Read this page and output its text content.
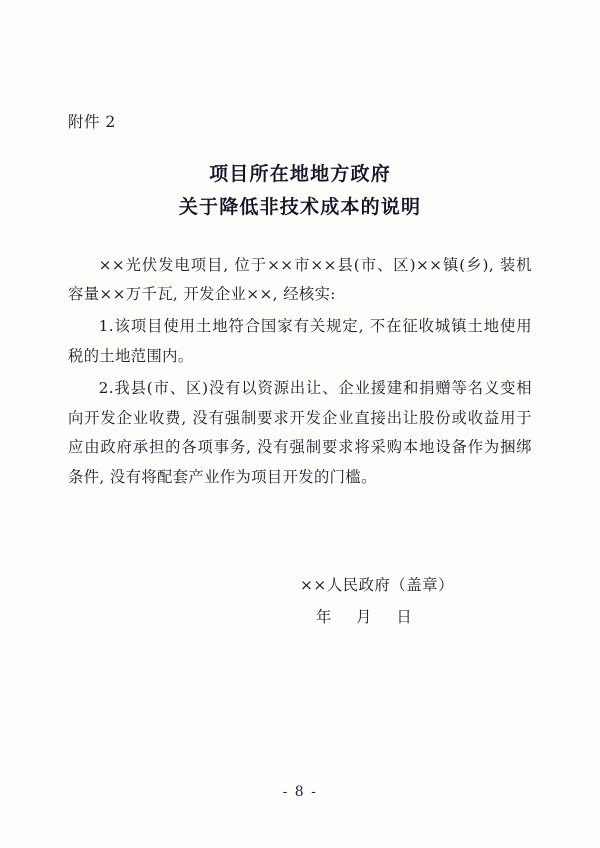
附件 2
项目所在地地方政府
关于降低非技术成本的说明

××光伏发电项目, 位于××市××县(市、区)××镇(乡), 装机容量××万千瓦, 开发企业××, 经核实:

1.该项目使用土地符合国家有关规定, 不在征收城镇土地使用税的土地范围内。

2.我县(市、区)没有以资源出让、企业援建和捐赠等名义变相向开发企业收费, 没有强制要求开发企业直接出让股份或收益用于应由政府承担的各项事务, 没有强制要求将采购本地设备作为捆绑条件, 没有将配套产业作为项目开发的门槛。

××人民政府（盖章）
年 月 日
- 8 -
